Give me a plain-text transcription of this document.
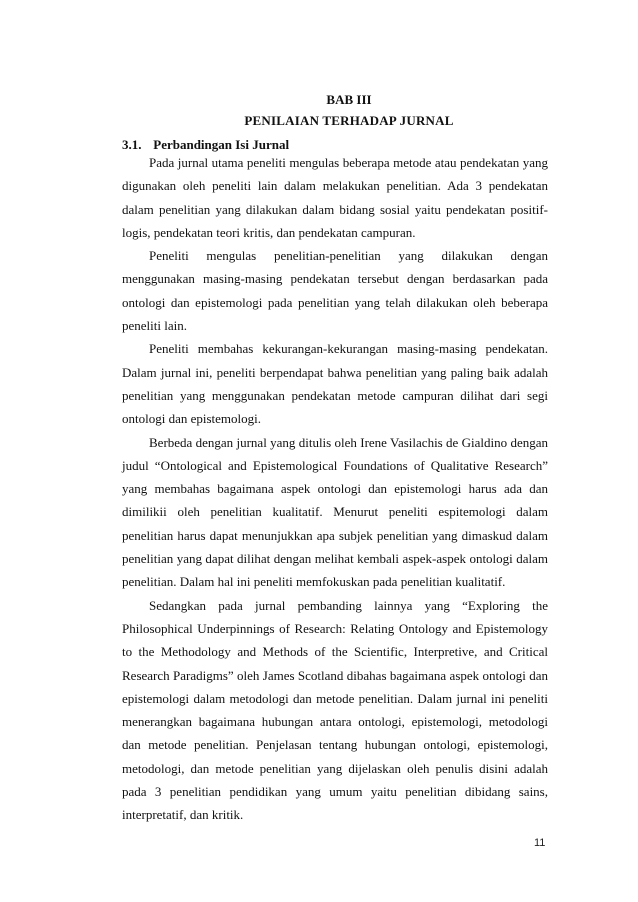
BAB III
PENILAIAN TERHADAP JURNAL
3.1. Perbandingan Isi Jurnal

Pada jurnal utama peneliti mengulas beberapa metode atau pendekatan yang digunakan oleh peneliti lain dalam melakukan penelitian. Ada 3 pendekatan dalam penelitian yang dilakukan dalam bidang sosial yaitu pendekatan positif-logis, pendekatan teori kritis, dan pendekatan campuran.

Peneliti mengulas penelitian-penelitian yang dilakukan dengan menggunakan masing-masing pendekatan tersebut dengan berdasarkan pada ontologi dan epistemologi pada penelitian yang telah dilakukan oleh beberapa peneliti lain.

Peneliti membahas kekurangan-kekurangan masing-masing pendekatan. Dalam jurnal ini, peneliti berpendapat bahwa penelitian yang paling baik adalah penelitian yang menggunakan pendekatan metode campuran dilihat dari segi ontologi dan epistemologi.

Berbeda dengan jurnal yang ditulis oleh Irene Vasilachis de Gialdino dengan judul “Ontological and Epistemological Foundations of Qualitative Research” yang membahas bagaimana aspek ontologi dan epistemologi harus ada dan dimilikii oleh penelitian kualitatif. Menurut peneliti espitemologi dalam penelitian harus dapat menunjukkan apa subjek penelitian yang dimaskud dalam penelitian yang dapat dilihat dengan melihat kembali aspek-aspek ontologi dalam penelitian. Dalam hal ini peneliti memfokuskan pada penelitian kualitatif.

Sedangkan pada jurnal pembanding lainnya yang “Exploring the Philosophical Underpinnings of Research: Relating Ontology and Epistemology to the Methodology and Methods of the Scientific, Interpretive, and Critical Research Paradigms” oleh James Scotland dibahas bagaimana aspek ontologi dan epistemologi dalam metodologi dan metode penelitian. Dalam jurnal ini peneliti menerangkan bagaimana hubungan antara ontologi, epistemologi, metodologi dan metode penelitian. Penjelasan tentang hubungan ontologi, epistemologi, metodologi, dan metode penelitian yang dijelaskan oleh penulis disini adalah pada 3 penelitian pendidikan yang umum yaitu penelitian dibidang sains, interpretatif, dan kritik.

11
